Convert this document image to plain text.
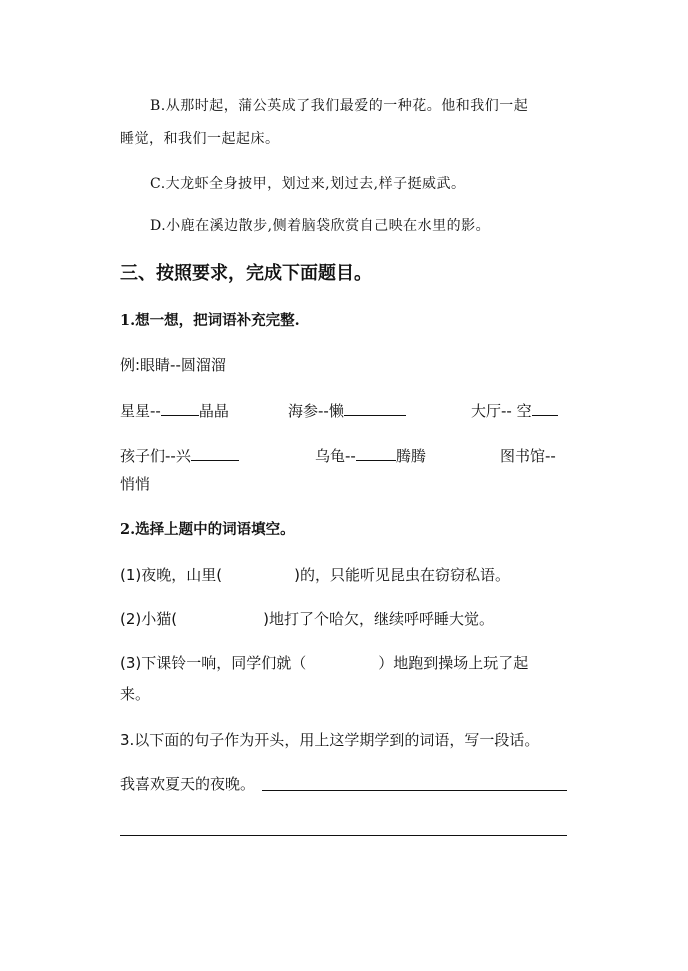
B.从那时起，蒲公英成了我们最爱的一种花。他和我们一起
睡觉，和我们一起起床。
C.大龙虾全身披甲，划过来,划过去,样子挺威武。
D.小鹿在溪边散步,侧着脑袋欣赏自己映在水里的影。
三、按照要求，完成下面题目。
1.想一想，把词语补充完整.
例:眼睛--圆溜溜
星星--	晶晶	海参--懒	大厅-- 空
孩子们--兴	乌龟--	腾腾	图书馆--
悄悄
2.选择上题中的词语填空。
(1)夜晚，山里(	)的，只能听见昆虫在窃窃私语。
(2)小猫(	)地打了个哈欠，继续呼呼睡大觉。
(3)下课铃一响，同学们就（	）地跑到操场上玩了起
来。
3.以下面的句子作为开头，用上这学期学到的词语，写一段话。
我喜欢夏天的夜晚。
